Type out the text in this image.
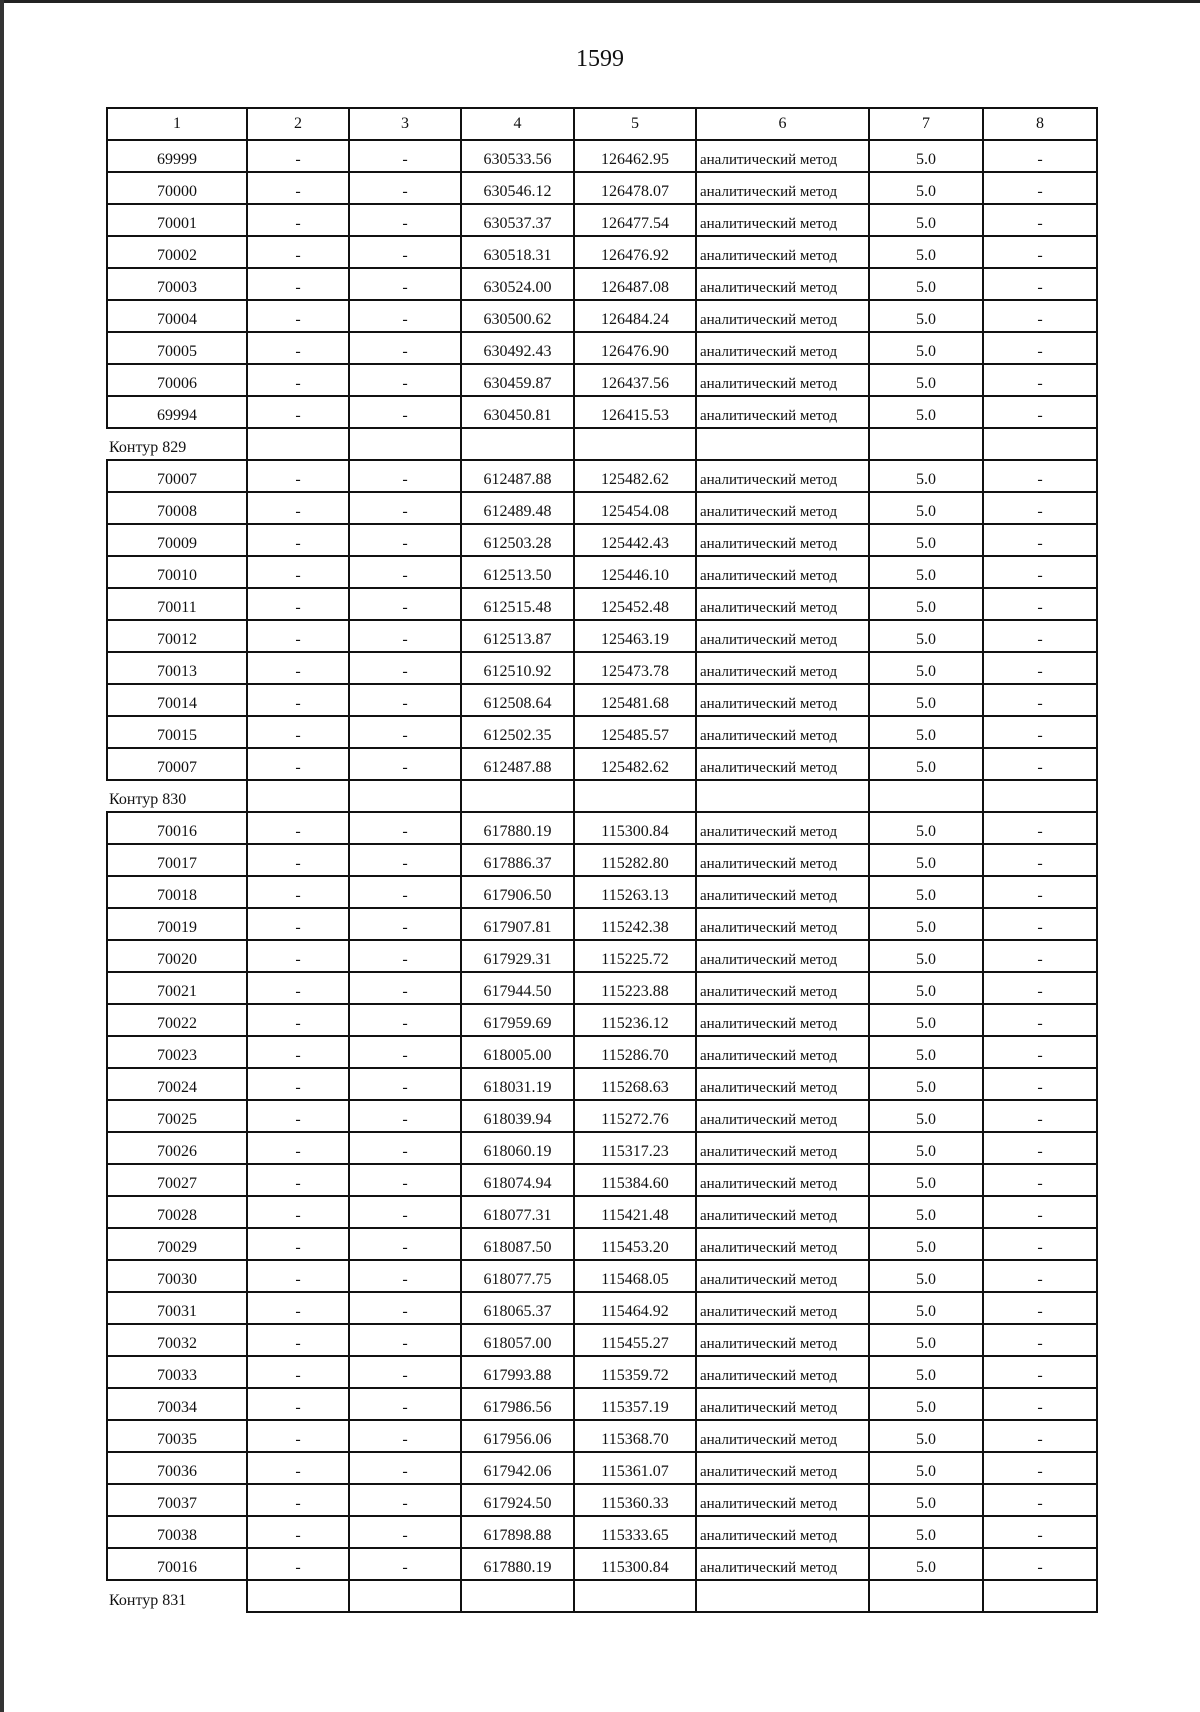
1599
1	2	3	4	5	6	7	8
69999	-	-	630533.56	126462.95	аналитический метод	5.0	-
70000	-	-	630546.12	126478.07	аналитический метод	5.0	-
70001	-	-	630537.37	126477.54	аналитический метод	5.0	-
70002	-	-	630518.31	126476.92	аналитический метод	5.0	-
70003	-	-	630524.00	126487.08	аналитический метод	5.0	-
70004	-	-	630500.62	126484.24	аналитический метод	5.0	-
70005	-	-	630492.43	126476.90	аналитический метод	5.0	-
70006	-	-	630459.87	126437.56	аналитический метод	5.0	-
69994	-	-	630450.81	126415.53	аналитический метод	5.0	-
Контур 829							
70007	-	-	612487.88	125482.62	аналитический метод	5.0	-
70008	-	-	612489.48	125454.08	аналитический метод	5.0	-
70009	-	-	612503.28	125442.43	аналитический метод	5.0	-
70010	-	-	612513.50	125446.10	аналитический метод	5.0	-
70011	-	-	612515.48	125452.48	аналитический метод	5.0	-
70012	-	-	612513.87	125463.19	аналитический метод	5.0	-
70013	-	-	612510.92	125473.78	аналитический метод	5.0	-
70014	-	-	612508.64	125481.68	аналитический метод	5.0	-
70015	-	-	612502.35	125485.57	аналитический метод	5.0	-
70007	-	-	612487.88	125482.62	аналитический метод	5.0	-
Контур 830							
70016	-	-	617880.19	115300.84	аналитический метод	5.0	-
70017	-	-	617886.37	115282.80	аналитический метод	5.0	-
70018	-	-	617906.50	115263.13	аналитический метод	5.0	-
70019	-	-	617907.81	115242.38	аналитический метод	5.0	-
70020	-	-	617929.31	115225.72	аналитический метод	5.0	-
70021	-	-	617944.50	115223.88	аналитический метод	5.0	-
70022	-	-	617959.69	115236.12	аналитический метод	5.0	-
70023	-	-	618005.00	115286.70	аналитический метод	5.0	-
70024	-	-	618031.19	115268.63	аналитический метод	5.0	-
70025	-	-	618039.94	115272.76	аналитический метод	5.0	-
70026	-	-	618060.19	115317.23	аналитический метод	5.0	-
70027	-	-	618074.94	115384.60	аналитический метод	5.0	-
70028	-	-	618077.31	115421.48	аналитический метод	5.0	-
70029	-	-	618087.50	115453.20	аналитический метод	5.0	-
70030	-	-	618077.75	115468.05	аналитический метод	5.0	-
70031	-	-	618065.37	115464.92	аналитический метод	5.0	-
70032	-	-	618057.00	115455.27	аналитический метод	5.0	-
70033	-	-	617993.88	115359.72	аналитический метод	5.0	-
70034	-	-	617986.56	115357.19	аналитический метод	5.0	-
70035	-	-	617956.06	115368.70	аналитический метод	5.0	-
70036	-	-	617942.06	115361.07	аналитический метод	5.0	-
70037	-	-	617924.50	115360.33	аналитический метод	5.0	-
70038	-	-	617898.88	115333.65	аналитический метод	5.0	-
70016	-	-	617880.19	115300.84	аналитический метод	5.0	-
Контур 831							
